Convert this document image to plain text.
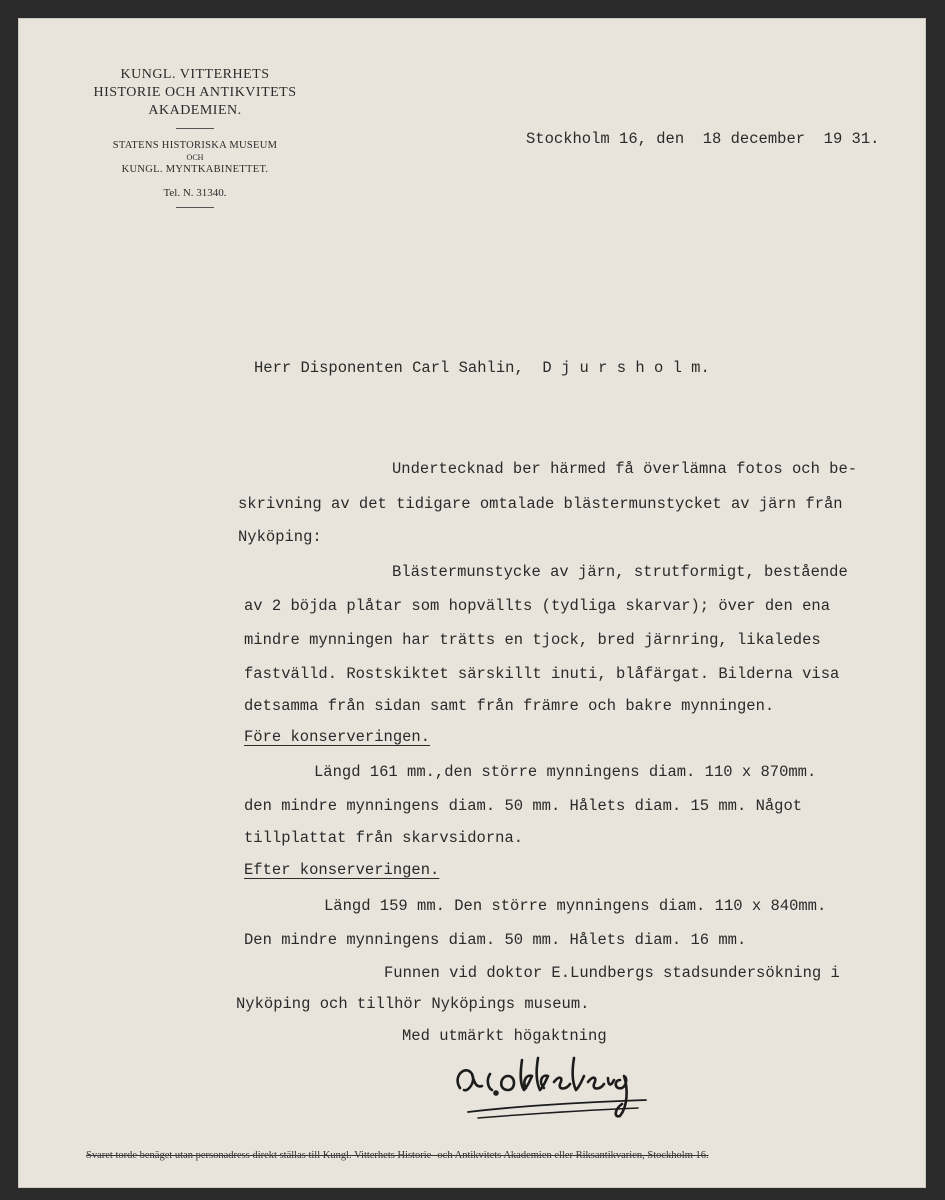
KUNGL. VITTERHETS
HISTORIE OCH ANTIKVITETS
AKADEMIEN.
STATENS HISTORISKA MUSEUM
OCH
KUNGL. MYNTKABINETTET.
Tel. N. 31340.
Stockholm 16, den  18 december  19 31.
Herr Disponenten Carl Sahlin,  D j u r s h o l m.
Undertecknad ber härmed få överlämna fotos och be-
skrivning av det tidigare omtalade blästermunstycket av järn från
Nyköping:
Blästermunstycke av järn, strutformigt, bestående
av 2 böjda plåtar som hopvällts (tydliga skarvar); över den ena
mindre mynningen har trätts en tjock, bred järnring, likaledes
fastvälld. Rostskiktet särskillt inuti, blåfärgat. Bilderna visa
detsamma från sidan samt från främre och bakre mynningen.
Före konserveringen.
Längd 161 mm.,den större mynningens diam. 110 x 870mm.
den mindre mynningens diam. 50 mm. Hålets diam. 15 mm. Något
tillplattat från skarvsidorna.
Efter konserveringen.
Längd 159 mm. Den större mynningens diam. 110 x 840mm.
Den mindre mynningens diam. 50 mm. Hålets diam. 16 mm.
Funnen vid doktor E.Lundbergs stadsundersökning i
Nyköping och tillhör Nyköpings museum.
Med utmärkt högaktning
Svaret torde benäget utan personadress direkt ställas till Kungl. Vitterhets Historie- och Antikvitets Akademien eller Riksantikvarien, Stockholm 16.
